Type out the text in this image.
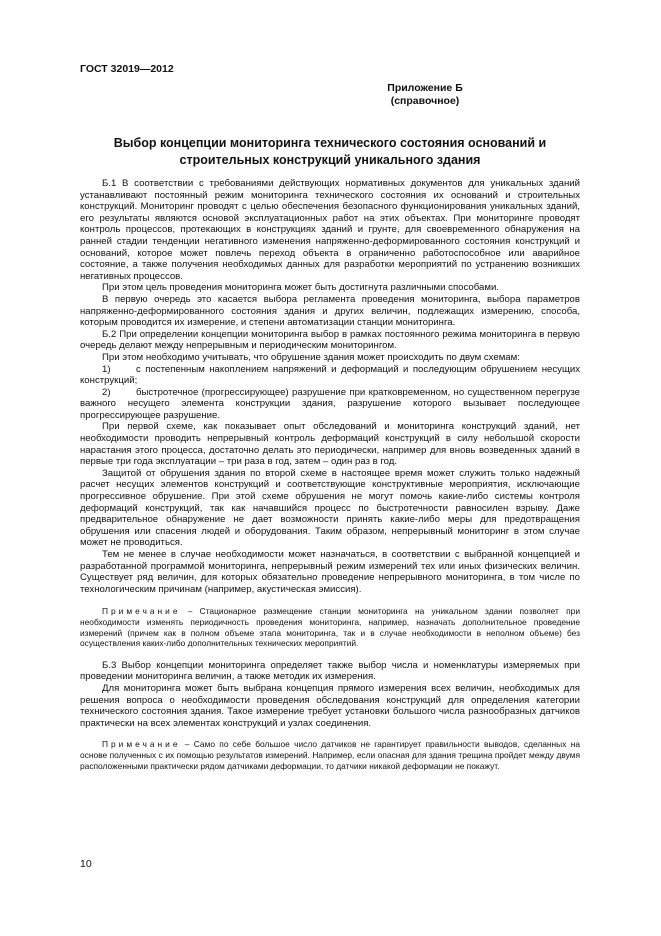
ГОСТ 32019—2012
Приложение Б
(справочное)
Выбор концепции мониторинга технического состояния оснований и
строительных конструкций уникального здания

Б.1 В соответствии с требованиями действующих нормативных документов для уникальных зданий устанавливают постоянный режим мониторинга технического состояния их оснований и строительных конструкций. Мониторинг проводят с целью обеспечения безопасного функционирования уникальных зданий, его результаты являются основой эксплуатационных работ на этих объектах. При мониторинге проводят контроль процессов, протекающих в конструкциях зданий и грунте, для своевременного обнаружения на ранней стадии тенденции негативного изменения напряженно-деформированного состояния конструкций и оснований, которое может повлечь переход объекта в ограниченно работоспособное или аварийное состояние, а также получения необходимых данных для разработки мероприятий по устранению возникших негативных процессов.

При этом цель проведения мониторинга может быть достигнута различными способами.

В первую очередь это касается выбора регламента проведения мониторинга, выбора параметров напряженно-деформированного состояния здания и других величин, подлежащих измерению, способа, которым проводится их измерение, и степени автоматизации станции мониторинга.

Б.2 При определении концепции мониторинга выбор в рамках постоянного режима мониторинга в первую очередь делают между непрерывным и периодическим мониторингом.

При этом необходимо учитывать, что обрушение здания может происходить по двум схемам:

1)	с постепенным накоплением напряжений и деформаций и последующим обрушением несущих конструкций;

2)	быстротечное (прогрессирующее) разрушение при кратковременном, но существенном перегрузе важного несущего элемента конструкции здания, разрушение которого вызывает последующее прогрессирующее разрушение.

При первой схеме, как показывает опыт обследований и мониторинга конструкций зданий, нет необходимости проводить непрерывный контроль деформаций конструкций в силу небольшой скорости нарастания этого процесса, достаточно делать это периодически, например для вновь возведенных зданий в первые три года эксплуатации – три раза в год, затем – один раз в год.

Защитой от обрушения здания по второй схеме в настоящее время может служить только надежный расчет несущих элементов конструкций и соответствующие конструктивные мероприятия, исключающие прогрессивное обрушение. При этой схеме обрушения не могут помочь какие-либо системы контроля деформаций конструкций, так как начавшийся процесс по быстротечности равносилен взрыву. Даже предварительное обнаружение не дает возможности принять какие-либо меры для предотвращения обрушения или спасения людей и оборудования. Таким образом, непрерывный мониторинг в этом случае может не проводиться.

Тем не менее в случае необходимости может назначаться, в соответствии с выбранной концепцией и разработанной программой мониторинга, непрерывный режим измерений тех или иных физических величин. Существует ряд величин, для которых обязательно проведение непрерывного мониторинга, в том числе по технологическим причинам (например, акустическая эмиссия).

Примечание – Стационарное размещение станции мониторинга на уникальном здании позволяет при необходимости изменять периодичность проведения мониторинга, например, назначать дополнительное проведение измерений (причем как в полном объеме этапа мониторинга, так и в случае необходимости в неполном объеме) без осуществления каких-либо дополнительных технических мероприятий.

Б.3 Выбор концепции мониторинга определяет также выбор числа и номенклатуры измеряемых при проведении мониторинга величин, а также методик их измерения.

Для мониторинга может быть выбрана концепция прямого измерения всех величин, необходимых для решения вопроса о необходимости проведения обследования конструкций для определения категории технического состояния здания. Такое измерение требует установки большого числа разнообразных датчиков практически на всех элементах конструкций и узлах соединения.

Примечание – Само по себе большое число датчиков не гарантирует правильности выводов, сделанных на основе полученных с их помощью результатов измерений. Например, если опасная для здания трещина пройдет между двумя расположенными практически рядом датчиками деформации, то датчики никакой деформации не покажут.

10
